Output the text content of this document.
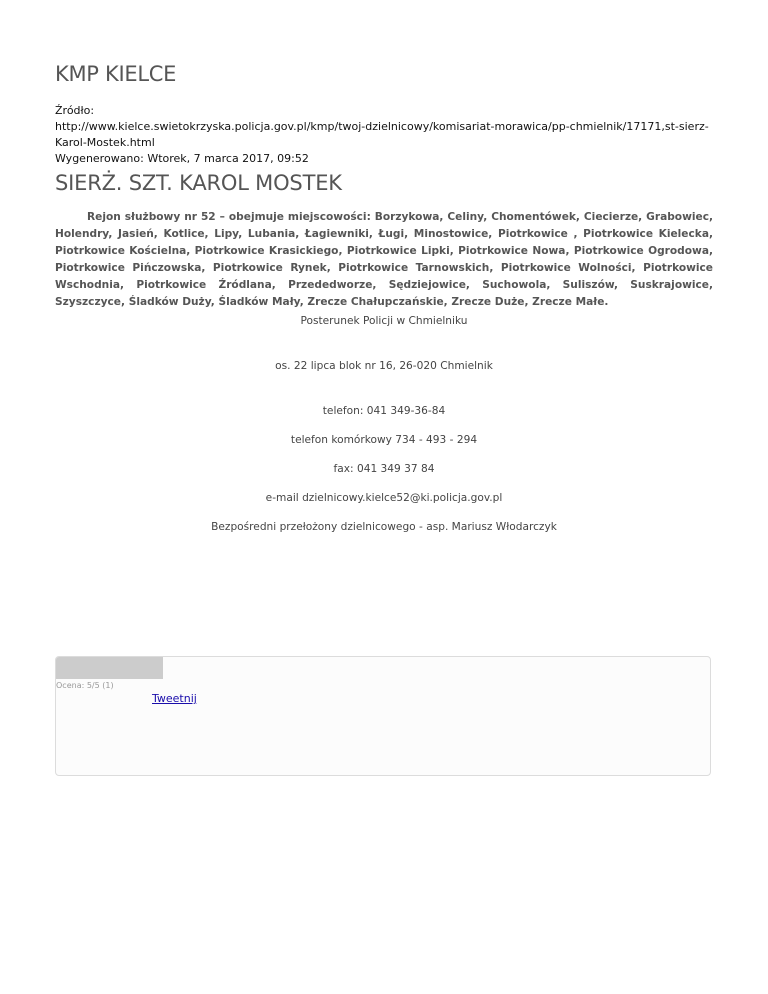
KMP KIELCE
Źródło:
http://www.kielce.swietokrzyska.policja.gov.pl/kmp/twoj-dzielnicowy/komisariat-morawica/pp-chmielnik/17171,st-sierz-Karol-Mostek.html
Wygenerowano: Wtorek, 7 marca 2017, 09:52
SIERŻ. SZT. KAROL MOSTEK

Rejon służbowy nr 52 – obejmuje miejscowości: Borzykowa, Celiny, Chomentówek, Ciecierze, Grabowiec, Holendry, Jasień, Kotlice, Lipy, Lubania, Łagiewniki, Ługi, Minostowice, Piotrkowice , Piotrkowice Kielecka, Piotrkowice Kościelna, Piotrkowice Krasickiego, Piotrkowice Lipki, Piotrkowice Nowa, Piotrkowice Ogrodowa, Piotrkowice Pińczowska, Piotrkowice Rynek, Piotrkowice Tarnowskich, Piotrkowice Wolności, Piotrkowice Wschodnia, Piotrkowice Źródlana, Przededworze, Sędziejowice, Suchowola, Suliszów, Suskrajowice, Szyszczyce, Śladków Duży, Śladków Mały, Zrecze Chałupczańskie, Zrecze Duże, Zrecze Małe.

Posterunek Policji w Chmielniku

os. 22 lipca blok nr 16, 26-020 Chmielnik

telefon: 041 349-36-84

telefon komórkowy 734 - 493 - 294

fax: 041 349 37 84

e-mail dzielnicowy.kielce52@ki.policja.gov.pl

Bezpośredni przełożony dzielnicowego - asp. Mariusz Włodarczyk

Ocena: 5/5 (1)
Tweetnij
